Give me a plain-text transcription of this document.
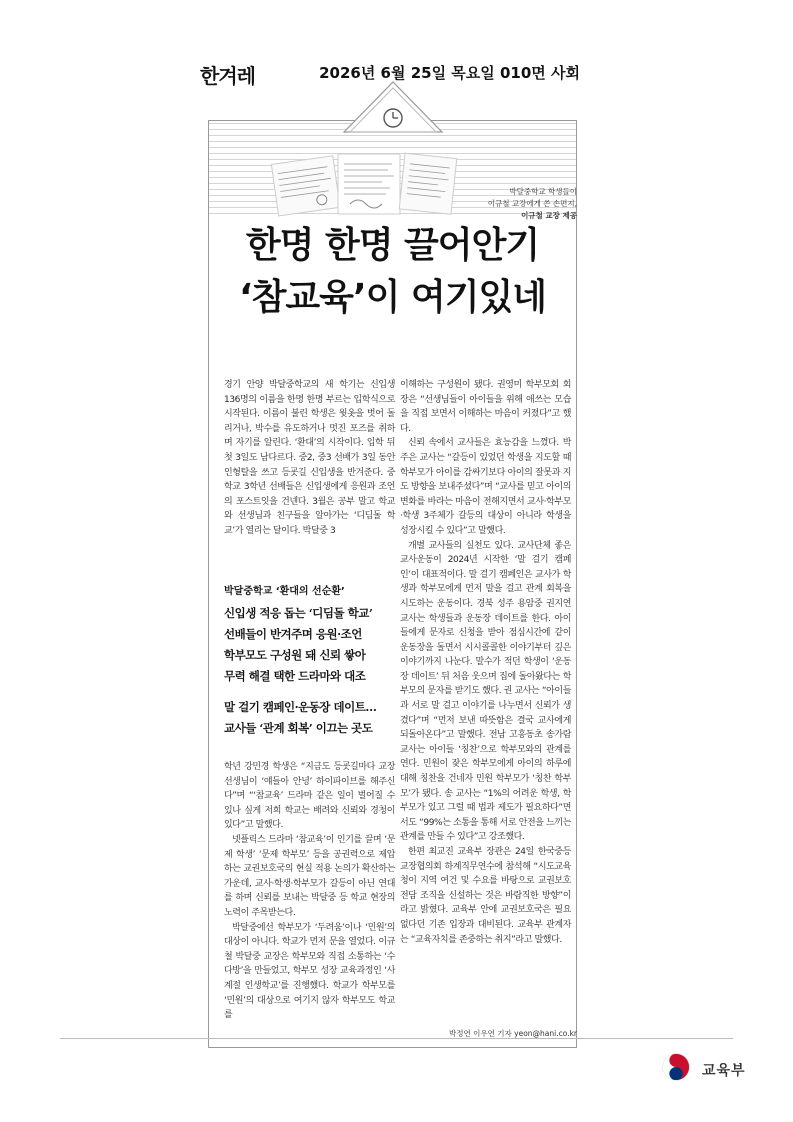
한겨레	2026년 6월 25일 목요일 010면 사회
박달중학교 학생들이
이규철 교장에게 쓴 손편지,
이규철 교장 제공
한명 한명 끌어안기
‘참교육’이 여기있네

경기 안양 박달중학교의 새 학기는 신입생 136명의 이름을 한명 한명 부르는 입학식으로 시작된다. 이름이 불린 학생은 윗옷을 벗어 돌리거나, 박수를 유도하거나 멋진 포즈를 취하며 자기를 알린다. ‘환대’의 시작이다. 입학 뒤 첫 3일도 남다르다. 중2, 중3 선배가 3일 동안 인형탈을 쓰고 등굣길 신입생을 반겨준다. 중학교 3학년 선배들은 신입생에게 응원과 조언의 포스트잇을 건넨다. 3월은 공부 말고 학교와 선생님과 친구들을 알아가는 ‘디딤돌 학교’가 열리는 달이다. 박달중 3

박달중학교 ‘환대의 선순환’
신입생 적응 돕는 ‘디딤돌 학교’
선배들이 반겨주며 응원·조언
학부모도 구성원 돼 신뢰 쌓아
무력 해결 택한 드라마와 대조
말 걸기 캠페인·운동장 데이트…
교사들 ‘관계 회복’ 이끄는 곳도

학년 강민경 학생은 “지금도 등굣길마다 교장 선생님이 ‘얘들아 안녕’ 하이파이브를 해주신다”며 “‘참교육’ 드라마 같은 일이 벌어질 수 있나 싶게 저희 학교는 배려와 신뢰와 경청이 있다”고 말했다.

넷플릭스 드라마 ‘참교육’이 인기를 끌며 ‘문제 학생’ ‘문제 학부모’ 등을 공권력으로 제압하는 교권보호국의 현실 적용 논의가 확산하는 가운데, 교사·학생·학부모가 갈등이 아닌 연대를 하며 신뢰를 보내는 박달중 등 학교 현장의 노력이 주목받는다.

박달중에선 학부모가 ‘두려움’이나 ‘민원’의 대상이 아니다. 학교가 먼저 문을 열었다. 이규철 박달중 교장은 학부모와 직접 소통하는 ‘수다방’을 만들었고, 학부모 성장 교육과정인 ‘사계절 인생학교’를 진행했다. 학교가 학부모를 ‘민원’의 대상으로 여기지 않자 학부모도 학교를

이해하는 구성원이 됐다. 권영미 학부모회 회장은 “선생님들이 아이들을 위해 애쓰는 모습을 직접 보면서 이해하는 마음이 커졌다”고 했다.

신뢰 속에서 교사들은 효능감을 느꼈다. 박주은 교사는 “갈등이 있었던 학생을 지도할 때 학부모가 아이를 감싸기보다 아이의 잘못과 지도 방향을 보내주셨다”며 “교사를 믿고 아이의 변화를 바라는 마음이 전해지면서 교사·학부모·학생 3주체가 갈등의 대상이 아니라 학생을 성장시킬 수 있다”고 말했다.

개별 교사들의 실천도 있다. 교사단체 좋은교사운동이 2024년 시작한 ‘말 걸기 캠페인’이 대표적이다. 말 걸기 캠페인은 교사가 학생과 학부모에게 먼저 말을 걸고 관계 회복을 시도하는 운동이다. 경북 성주 용암중 권지연 교사는 학생들과 운동장 데이트를 한다. 아이들에게 문자로 신청을 받아 점심시간에 같이 운동장을 돌면서 시시콜콜한 이야기부터 깊은 이야기까지 나눈다. 말수가 적던 학생이 ‘운동장 데이트’ 뒤 처음 웃으며 집에 돌아왔다는 학부모의 문자를 받기도 했다. 권 교사는 “아이들과 서로 말 걸고 이야기를 나누면서 신뢰가 생겼다”며 “먼저 보낸 따뜻함은 결국 교사에게 되돌아온다”고 말했다. 전남 고흥동초 송가람 교사는 아이들 ‘칭찬’으로 학부모와의 관계를 연다. 민원이 잦은 학부모에게 아이의 하루에 대해 칭찬을 건네자 민원 학부모가 ‘칭찬 학부모’가 됐다. 송 교사는 “1%의 어려운 학생, 학부모가 있고 그럴 때 법과 제도가 필요하다”면서도 “99%는 소통을 통해 서로 안전을 느끼는 관계를 만들 수 있다”고 강조했다.

한편 최교진 교육부 장관은 24일 한국중등교장협의회 하계직무연수에 참석해 “시도교육청이 지역 여건 및 수요를 바탕으로 교권보호 전담 조직을 신설하는 것은 바람직한 방향”이라고 밝혔다. 교육부 안에 교권보호국은 필요 없다던 기존 입장과 대비된다. 교육부 관계자는 “교육자치를 존중하는 취지”라고 말했다.

박정연 이우연 기자 yeon@hani.co.kr
교육부
